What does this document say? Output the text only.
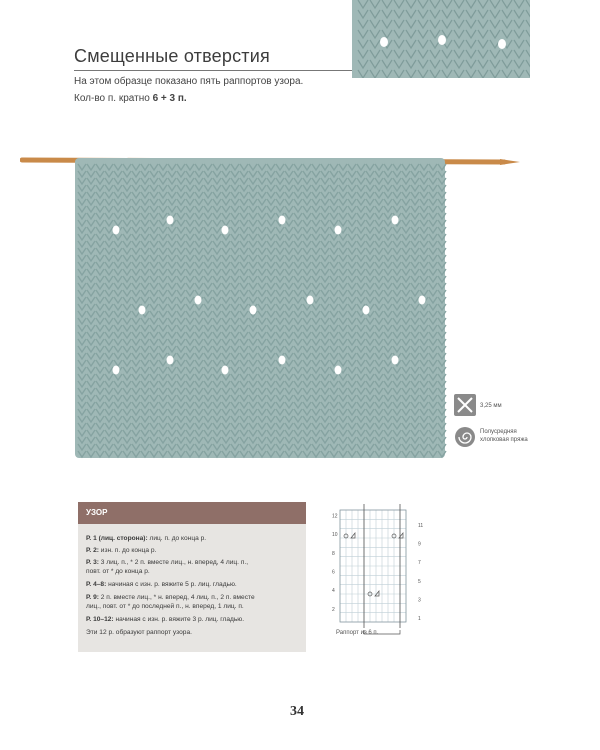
Смещенные отверстия
На этом образце показано пять раппортов узора.
Кол-во п. кратно 6 + 3 п.
3,25 мм
Полусредняя
хлопковая пряжа
УЗОР
Р. 1 (лиц. сторона): лиц. п. до конца р.
Р. 2: изн. п. до конца р.
Р. 3: 3 лиц. п., * 2 п. вместе лиц., н. вперед, 4 лиц. п.,
повт. от * до конца р.
Р. 4–8: начиная с изн. р. вяжите 5 р. лиц. гладью.
Р. 9: 2 п. вместе лиц., * н. вперед, 4 лиц. п., 2 п. вместе
лиц., повт. от * до последней п., н. вперед, 1 лиц. п.
Р. 10–12: начиная с изн. р. вяжите 3 р. лиц. гладью.
Эти 12 р. образуют раппорт узора.
12
10
8
6
4
2
11
9
7
5
3
1
Раппорт из 6 п.
34
